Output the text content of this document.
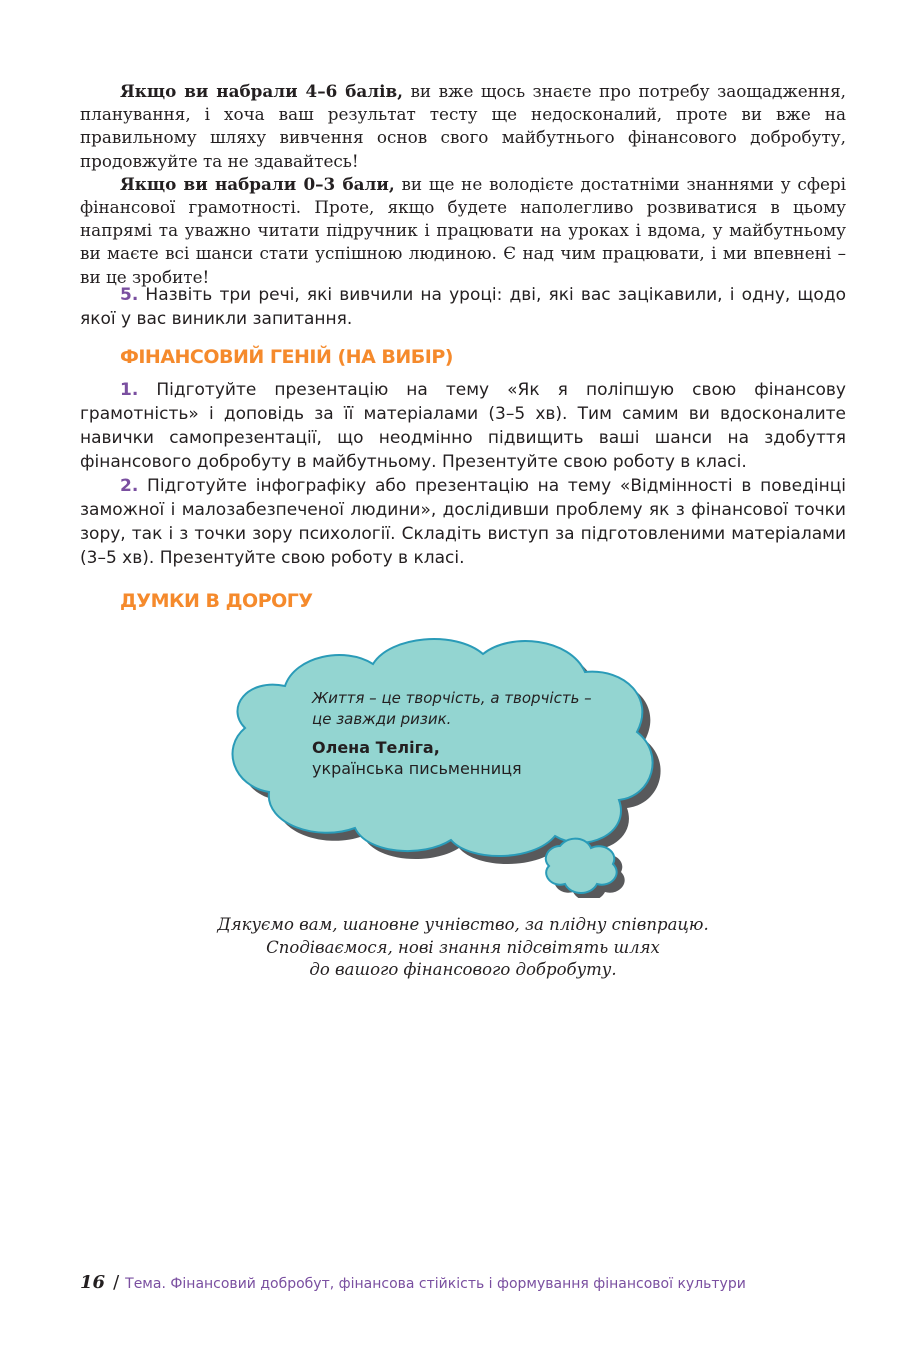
Якщо ви набрали 4–6 балів, ви вже щось знаєте про потребу заощадження, планування, і хоча ваш результат тесту ще недосконалий, проте ви вже на правильному шляху вивчення основ свого майбутнього фінансового добробуту, продовжуйте та не здавайтесь!

Якщо ви набрали 0–3 бали, ви ще не володієте достатніми знаннями у сфері фінансової грамотності. Проте, якщо будете наполегливо розвиватися в цьому напрямі та уважно читати підручник і працювати на уроках і вдома, у майбутньому ви маєте всі шанси стати успішною людиною. Є над чим працювати, і ми впевнені – ви це зробите!

5. Назвіть три речі, які вивчили на уроці: дві, які вас зацікавили, і одну, щодо якої у вас виникли запитання.

ФІНАНСОВИЙ ГЕНІЙ (НА ВИБІР)

1. Підготуйте презентацію на тему «Як я поліпшую свою фінансову грамотність» і доповідь за її матеріалами (3–5 хв). Тим самим ви вдосконалите навички самопрезентації, що неодмінно підвищить ваші шанси на здобуття фінансового добробуту в майбутньому. Презентуйте свою роботу в класі.

2. Підготуйте інфографіку або презентацію на тему «Відмінності в поведінці заможної і малозабезпеченої людини», дослідивши проблему як з фінансової точки зору, так і з точки зору психології. Складіть виступ за підготовленими матеріалами (3–5 хв). Презентуйте свою роботу в класі.

ДУМКИ В ДОРОГУ
Життя – це творчість, а творчість –
це завжди ризик.
Олена Теліга,
українська письменниця
Дякуємо вам, шановне учнівство, за плідну співпрацю.
Сподіваємося, нові знання підсвітять шлях
до вашого фінансового добробуту.
16 / Тема. Фінансовий добробут, фінансова стійкість і формування фінансової культури
